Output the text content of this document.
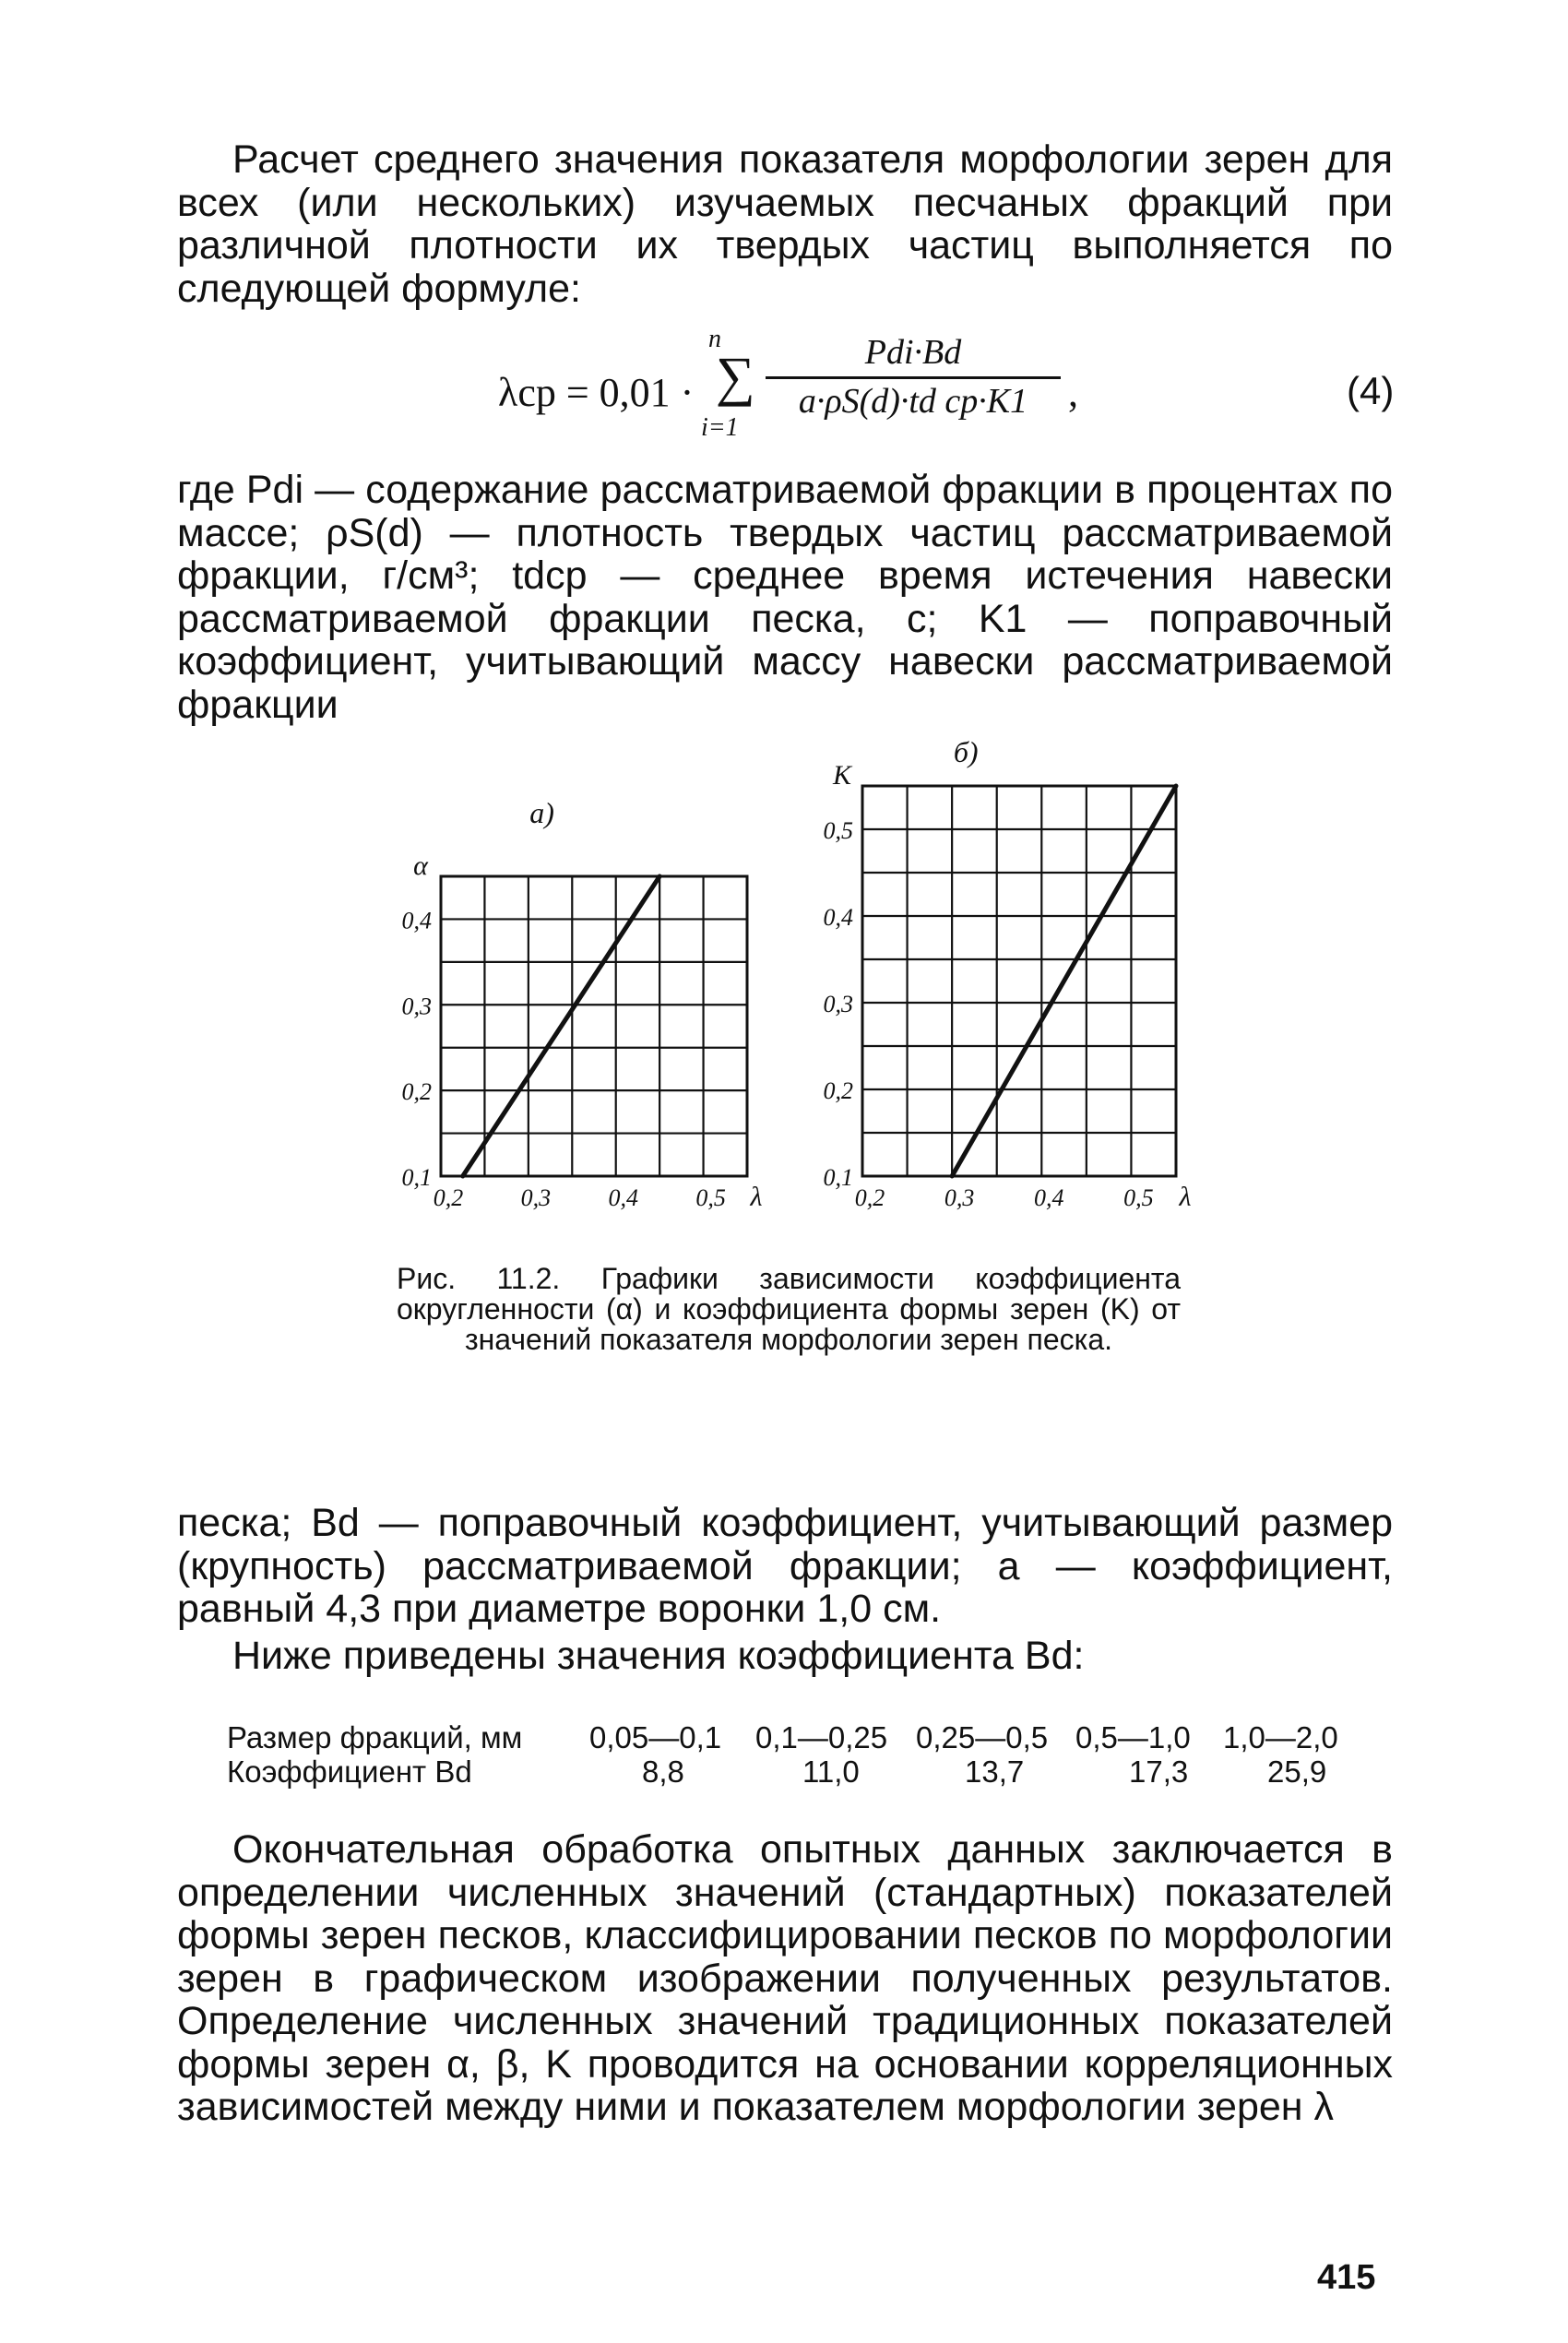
Расчет среднего значения показателя морфологии зерен для всех (или нескольких) изучаемых песчаных фракций при различной плотности их твердых частиц выполняется по следующей формуле:

λср = 0,01 ·
n
∑
i=1
Pdi·Bd
a·ρS(d)·td ср·K1 ,	(4)

где Pdi — содержание рассматриваемой фракции в процентах по массе; ρS(d) — плотность твердых частиц рассматриваемой фракции, г/см³; tdср — среднее время истечения навески рассматриваемой фракции песка, с; K1 — поправочный коэффициент, учитывающий массу навески рассматриваемой фракции

0,2 0,3 0,4 0,5 λ
0,1
0,2
0,3
0,4
α
а)
0,2 0,3 0,4 0,5 λ
0,1
0,2
0,3
0,4
0,5
K
б)

Рис. 11.2. Графики зависимости коэффициента округленности (α) и коэффициента формы зерен (K) от значений показателя морфологии зерен песка.

песка; Bd — поправочный коэффициент, учитывающий размер (крупность) рассматриваемой фракции; a — коэффициент, равный 4,3 при диаметре воронки 1,0 см.

Ниже приведены значения коэффициента Bd:

Размер фракций, мм 0,05—0,1 0,1—0,25 0,25—0,5 0,5—1,0 1,0—2,0
Коэффициент Bd	8,8	11,0	13,7	17,3	25,9

Окончательная обработка опытных данных заключается в определении численных значений (стандартных) показателей формы зерен песков, классифицировании песков по морфологии зерен в графическом изображении полученных результатов. Определение численных значений традиционных показателей формы зерен α, β, K проводится на основании корреляционных зависимостей между ними и показателем морфологии зерен λ

415
